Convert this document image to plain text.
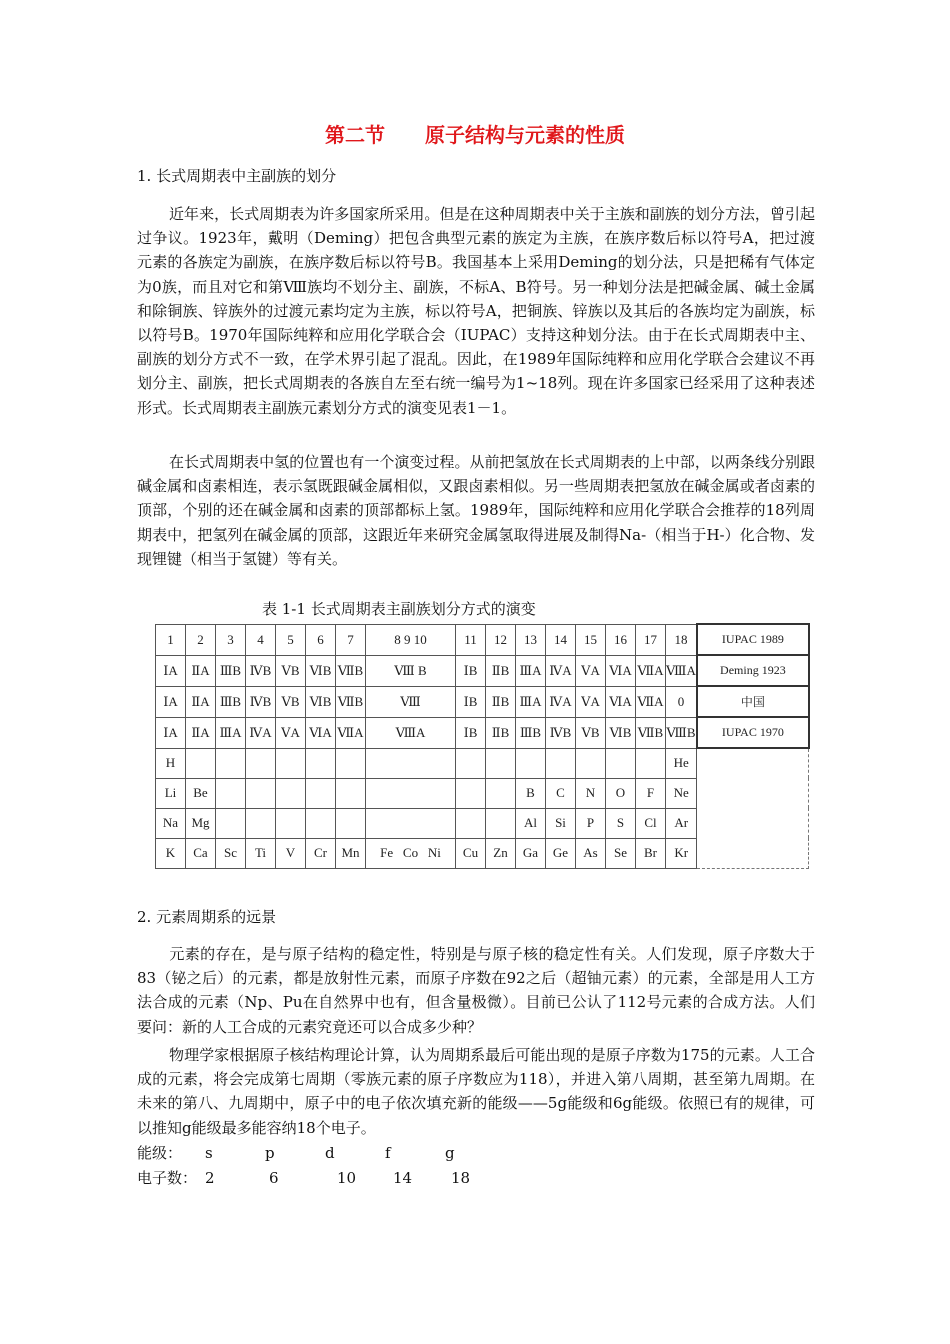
第二节 原子结构与元素的性质
1. 长式周期表中主副族的划分
近年来，长式周期表为许多国家所采用。但是在这种周期表中关于主族和副族的划分方法，曾引起过争议。1923年，戴明（Deming）把包含典型元素的族定为主族，在族序数后标以符号A，把过渡元素的各族定为副族，在族序数后标以符号B。我国基本上采用Deming的划分法，只是把稀有气体定为0族，而且对它和第Ⅷ族均不划分主、副族，不标A、B符号。另一种划分法是把碱金属、碱土金属和除铜族、锌族外的过渡元素均定为主族，标以符号A，把铜族、锌族以及其后的各族均定为副族，标以符号B。1970年国际纯粹和应用化学联合会（IUPAC）支持这种划分法。由于在长式周期表中主、副族的划分方式不一致，在学术界引起了混乱。因此，在1989年国际纯粹和应用化学联合会建议不再划分主、副族，把长式周期表的各族自左至右统一编号为1~18列。现在许多国家已经采用了这种表述形式。长式周期表主副族元素划分方式的演变见表1－1。
在长式周期表中氢的位置也有一个演变过程。从前把氢放在长式周期表的上中部，以两条线分别跟碱金属和卤素相连，表示氢既跟碱金属相似，又跟卤素相似。另一些周期表把氢放在碱金属或者卤素的顶部，个别的还在碱金属和卤素的顶部都标上氢。1989年，国际纯粹和应用化学联合会推荐的18列周期表中，把氢列在碱金属的顶部，这跟近年来研究金属氢取得进展及制得Na-（相当于H-）化合物、发现锂键（相当于氢键）等有关。
表 1-1 长式周期表主副族划分方式的演变
1	2	3	4	5	6	7	8 9 10	11	12	13	14	15	16	17	18	IUPAC 1989
ⅠA	ⅡA	ⅢB	ⅣB	ⅤB	ⅥB	ⅦB	Ⅷ B	ⅠB	ⅡB	ⅢA	ⅣA	ⅤA	ⅥA	ⅦA	ⅧA	Deming 1923
ⅠA	ⅡA	ⅢB	ⅣB	ⅤB	ⅥB	ⅦB	Ⅷ	ⅠB	ⅡB	ⅢA	ⅣA	ⅤA	ⅥA	ⅦA	0	中国
ⅠA	ⅡA	ⅢA	ⅣA	ⅤA	ⅥA	ⅦA	ⅧA	ⅠB	ⅡB	ⅢB	ⅣB	ⅤB	ⅥB	ⅦB	ⅧB	IUPAC 1970
H															He	
Li	Be									B	C	N	O	F	Ne	
Na	Mg									Al	Si	P	S	Cl	Ar	
K	Ca	Sc	Ti	V	Cr	Mn	Fe Co Ni	Cu	Zn	Ga	Ge	As	Se	Br	Kr	
2. 元素周期系的远景
元素的存在，是与原子结构的稳定性，特别是与原子核的稳定性有关。人们发现，原子序数大于83（铋之后）的元素，都是放射性元素，而原子序数在92之后（超铀元素）的元素，全部是用人工方法合成的元素（Np、Pu在自然界中也有，但含量极微）。目前已公认了112号元素的合成方法。人们要问：新的人工合成的元素究竟还可以合成多少种？
物理学家根据原子核结构理论计算，认为周期系最后可能出现的是原子序数为175的元素。人工合成的元素，将会完成第七周期（零族元素的原子序数应为118），并进入第八周期，甚至第九周期。在未来的第八、九周期中，原子中的电子依次填充新的能级——5g能级和6g能级。依照已有的规律，可以推知g能级最多能容纳18个电子。
能级： s	p	d	f	g
电子数： 2	6	10 14	18
